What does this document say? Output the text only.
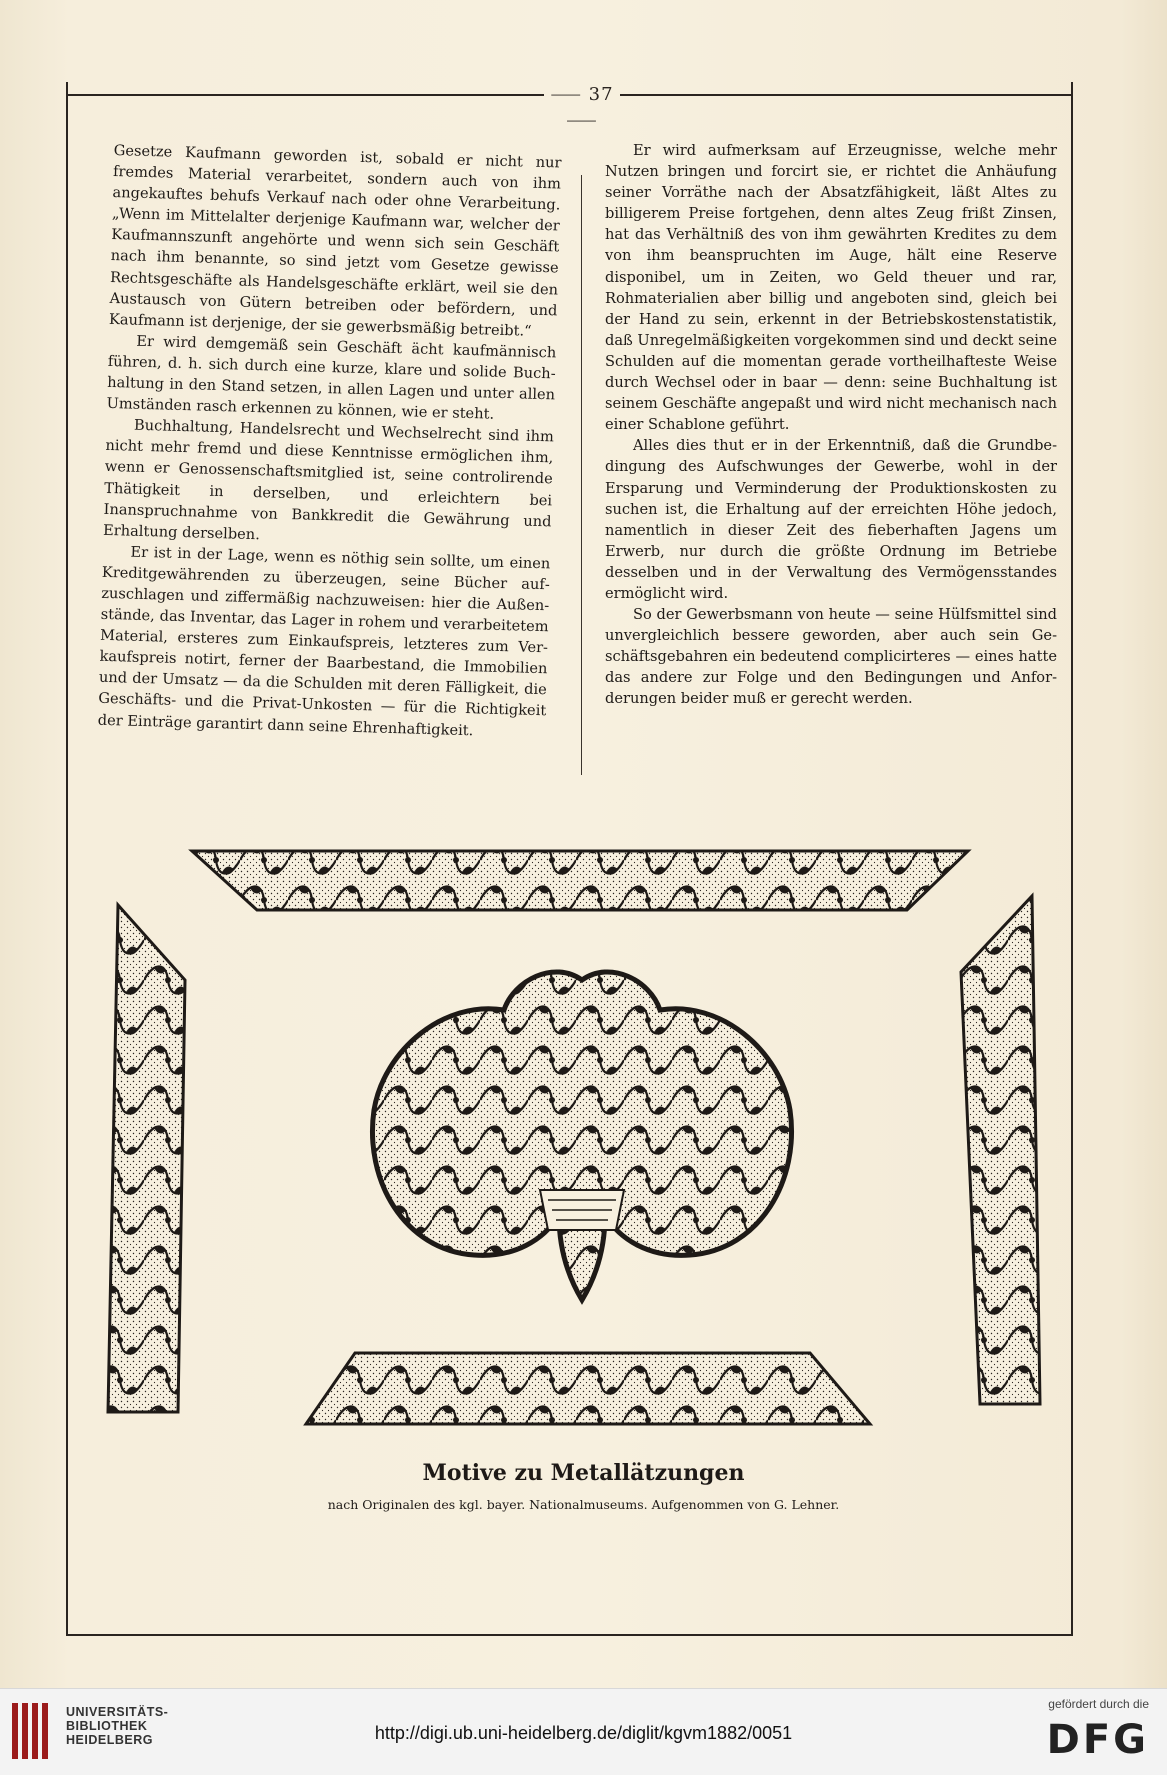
⸺ 37 ⸺

Gesetze Kaufmann geworden ist, sobald er nicht nur fremdes Material verarbeitet, sondern auch von ihm angekauftes behufs Verkauf nach oder ohne Verarbeitung. „Wenn im Mittelalter derjenige Kaufmann war, welcher der Kaufmannszunft angehörte und wenn sich sein Geschäft nach ihm benannte, so sind jetzt vom Gesetze gewisse Rechtsgeschäfte als Handelsgeschäfte erklärt, weil sie den Austausch von Gütern betreiben oder befördern, und Kaufmann ist derjenige, der sie gewerbsmäßig betreibt.“

Er wird demgemäß sein Geschäft ächt kaufmännisch führen, d. h. sich durch eine kurze, klare und solide Buchhaltung in den Stand setzen, in allen Lagen und unter allen Umständen rasch erkennen zu können, wie er steht.

Buchhaltung, Handelsrecht und Wechselrecht sind ihm nicht mehr fremd und diese Kenntnisse ermöglichen ihm, wenn er Genossenschaftsmitglied ist, seine controlirende Thätigkeit in derselben, und erleichtern bei Inanspruchnahme von Bankkredit die Gewährung und Erhaltung derselben.

Er ist in der Lage, wenn es nöthig sein sollte, um einen Kreditgewährenden zu überzeugen, seine Bücher aufzuschlagen und ziffermäßig nachzuweisen: hier die Außenstände, das Inventar, das Lager in rohem und verarbeitetem Material, ersteres zum Einkaufspreis, letzteres zum Verkaufspreis notirt, ferner der Baarbestand, die Immobilien und der Umsatz — da die Schulden mit deren Fälligkeit, die Geschäfts- und die Privat-Unkosten — für die Richtigkeit der Einträge garantirt dann seine Ehrenhaftigkeit.

Er wird aufmerksam auf Erzeugnisse, welche mehr Nutzen bringen und forcirt sie, er richtet die Anhäufung seiner Vorräthe nach der Absatzfähigkeit, läßt Altes zu billigerem Preise fortgehen, denn altes Zeug frißt Zinsen, hat das Verhältniß des von ihm gewährten Kredites zu dem von ihm beanspruchten im Auge, hält eine Reserve disponibel, um in Zeiten, wo Geld theuer und rar, Rohmaterialien aber billig und angeboten sind, gleich bei der Hand zu sein, erkennt in der Betriebskostenstatistik, daß Unregelmäßigkeiten vorgekommen sind und deckt seine Schulden auf die momentan gerade vortheilhafteste Weise durch Wechsel oder in baar — denn: seine Buchhaltung ist seinem Geschäfte angepaßt und wird nicht mechanisch nach einer Schablone geführt.

Alles dies thut er in der Erkenntniß, daß die Grundbedingung des Aufschwunges der Gewerbe, wohl in der Ersparung und Verminderung der Produktionskosten zu suchen ist, die Erhaltung auf der erreichten Höhe jedoch, namentlich in dieser Zeit des fieberhaften Jagens um Erwerb, nur durch die größte Ordnung im Betriebe desselben und in der Verwaltung des Vermögensstandes ermöglicht wird.

So der Gewerbsmann von heute — seine Hülfsmittel sind unvergleichlich bessere geworden, aber auch sein Geschäftsgebahren ein bedeutend complicirteres — eines hatte das andere zur Folge und den Bedingungen und Anforderungen beider muß er gerecht werden.

Motive zu Metallätzungen
nach Originalen des kgl. bayer. Nationalmuseums. Aufgenommen von G. Lehner.
UNIVERSITÄTS-
BIBLIOTHEK
HEIDELBERG	http://digi.ub.uni-heidelberg.de/diglit/kgvm1882/0051
gefördert durch die
DFG
